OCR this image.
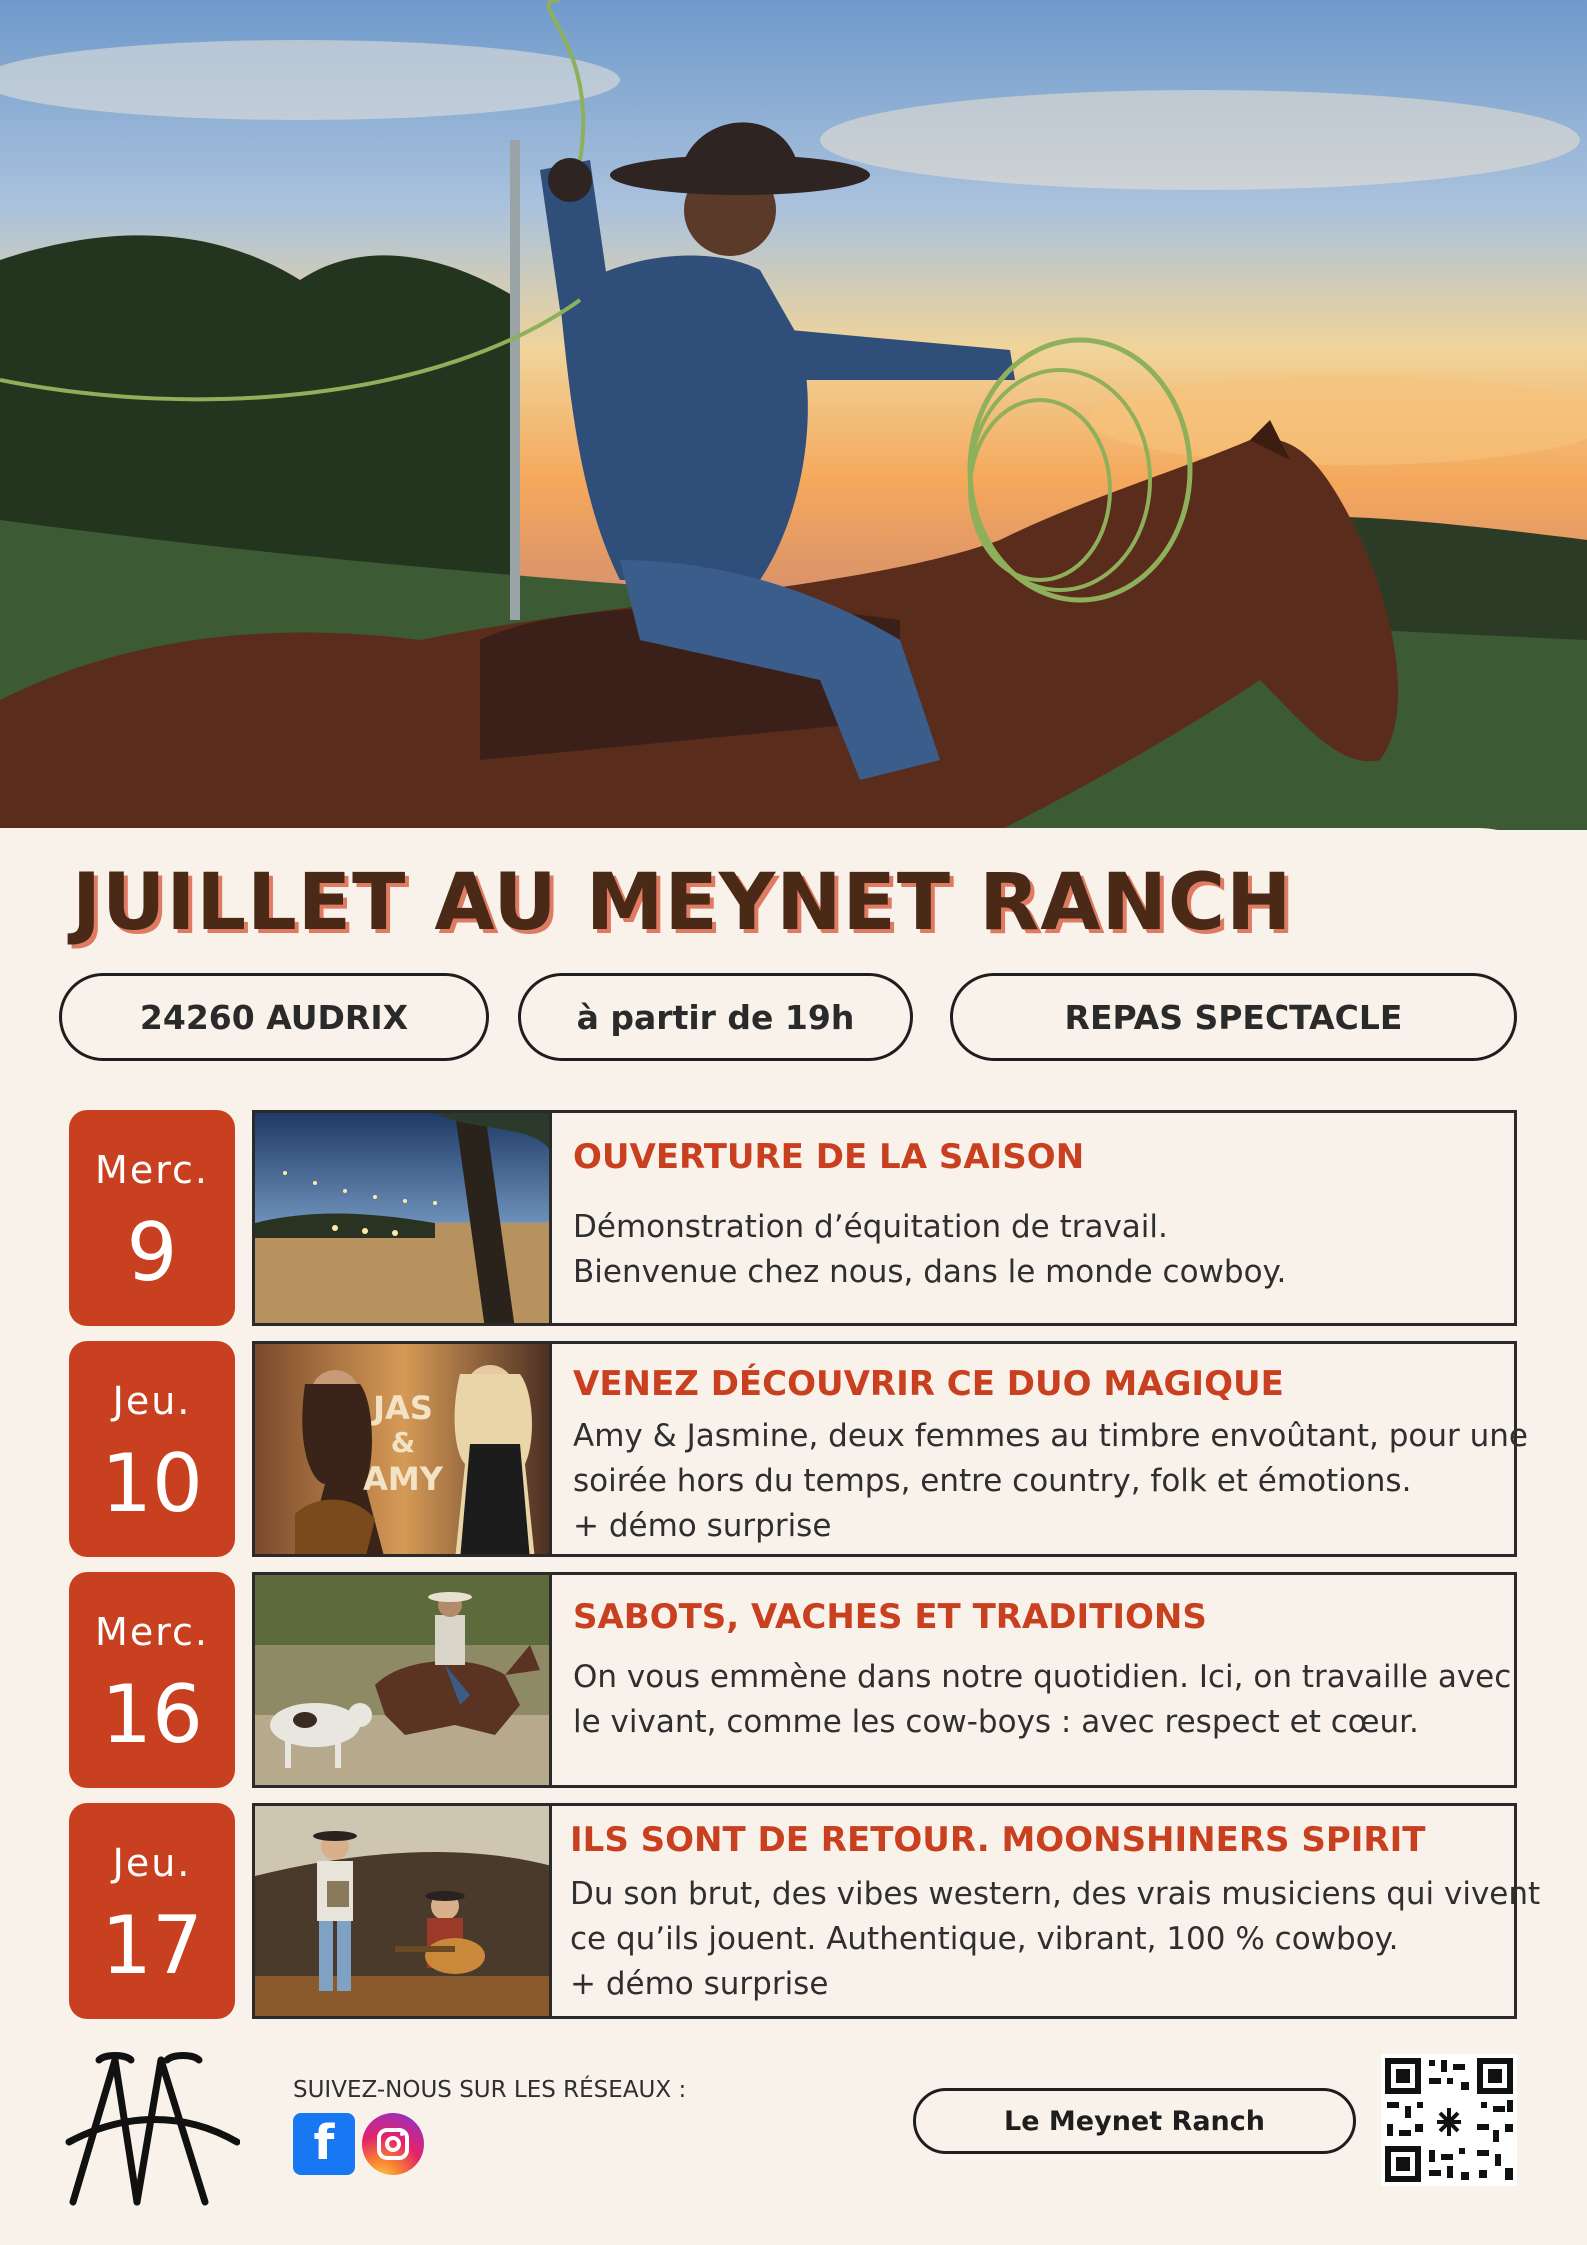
JUILLET AU MEYNET RANCH
24260 AUDRIX	à partir de 19h	REPAS SPECTACLE
Merc.
9
OUVERTURE DE LA SAISON
Démonstration d’équitation de travail.
Bienvenue chez nous, dans le monde cowboy.
Jeu.
10
JAS
&
AMY
VENEZ DÉCOUVRIR CE DUO MAGIQUE
Amy & Jasmine, deux femmes au timbre envoûtant, pour une
soirée hors du temps, entre country, folk et émotions.
+ démo surprise
Merc.
16
SABOTS, VACHES ET TRADITIONS
On vous emmène dans notre quotidien. Ici, on travaille avec
le vivant, comme les cow-boys : avec respect et cœur.
Jeu.
17
ILS SONT DE RETOUR. MOONSHINERS SPIRIT
Du son brut, des vibes western, des vrais musiciens qui vivent
ce qu’ils jouent. Authentique, vibrant, 100 % cowboy.
+ démo surprise
SUIVEZ-NOUS SUR LES RÉSEAUX :
f	Le Meynet Ranch
